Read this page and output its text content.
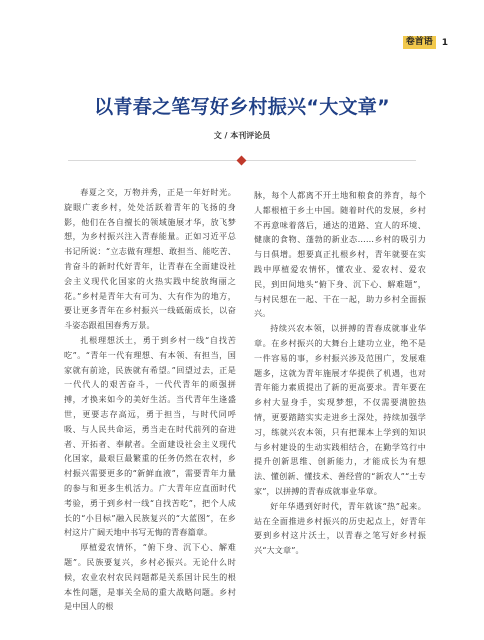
卷首语	1
以青春之笔写好乡村振兴“大文章”
文 / 本刊评论员

春夏之交，万物并秀，正是一年好时光。旋眼广袤乡村，处处活跃着青年的飞扬的身影，他们在各自擅长的领域施展才华，放飞梦想，为乡村振兴注入青春能量。正如习近平总书记所说：“立志做有理想、敢担当、能吃苦、肯奋斗的新时代好青年，让青春在全面建设社会主义现代化国家的火热实践中绽放绚丽之花。”乡村是青年大有可为、大有作为的地方，要让更多青年在乡村振兴一线砥砺成长，以奋斗姿态跟祖国春秀万景。

扎根理想沃土，勇于到乡村一线“自找苦吃”。“青年一代有理想、有本领、有担当，国家就有前途，民族就有希望。”回望过去，正是一代代人的艰苦奋斗，一代代青年的顽强拼搏，才换来如今的美好生活。当代青年生逢盛世，更要志存高远，勇于担当，与时代同呼吸、与人民共命运，勇当走在时代前列的奋进者、开拓者、奉献者。全面建设社会主义现代化国家，最艰巨最繁重的任务仍然在农村，乡村振兴需要更多的“新鲜血液”，需要青年力量的参与和更多生机活力。广大青年应直面时代考验，勇于到乡村一线“自找苦吃”，把个人成长的“小目标”融入民族复兴的“大蓝图”，在乡村这片广阔天地中书写无悔的青春篇章。

厚植爱农情怀，“俯下身、沉下心、解难题”。民族要复兴，乡村必振兴。无论什么时候，农业农村农民问题都是关系国计民生的根本性问题，是事关全局的重大战略问题。乡村是中国人的根

脉，每个人都离不开土地和粮食的养育，每个人都根植于乡土中国。随着时代的发展，乡村不再意味着落后，通达的道路、宜人的环境、健康的食物、蓬勃的新业态……乡村的吸引力与日俱增。想要真正扎根乡村，青年就要在实践中厚植爱农情怀，懂农业、爱农村、爱农民，到田间地头“俯下身、沉下心、解难题”，与村民想在一起、干在一起，助力乡村全面振兴。

持续兴农本领，以拼搏的青春成就事业华章。在乡村振兴的大舞台上建功立业，绝不是一件容易的事，乡村振兴涉及范围广，发展难题多，这就为青年施展才华提供了机遇，也对青年能力素质提出了新的更高要求。青年要在乡村大显身手，实现梦想，不仅需要满腔热情，更要踏踏实实走进乡土深处，持续加强学习，练就兴农本领，只有把课本上学到的知识与乡村建设的生动实践相结合，在勤学笃行中提升创新思维、创新能力，才能成长为有想法、懂创新、懂技术、善经营的“新农人”“土专家”，以拼搏的青春成就事业华章。

好年华遇到好时代，青年就该“热”起来。站在全面推进乡村振兴的历史起点上，好青年要到乡村这片沃土，以青春之笔写好乡村振兴“大文章”。
